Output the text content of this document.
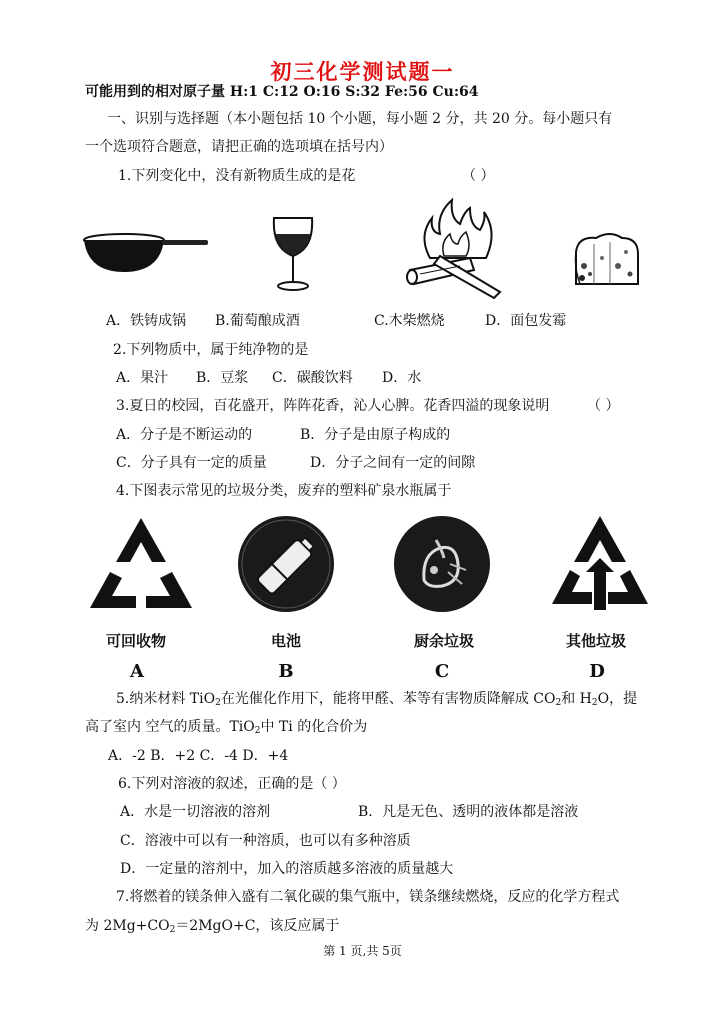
初三化学测试题一
可能用到的相对原子量 H:1 C:12 O:16 S:32 Fe:56 Cu:64
一、识别与选择题（本小题包括 10 个小题，每小题 2 分，共 20 分。每小题只有
一个选项符合题意，请把正确的选项填在括号内）
1.下列变化中，没有新物质生成的是花	（ ）
A．铁铸成锅 B.葡萄酿成酒	C.木柴燃烧	D．面包发霉
2.下列物质中，属于纯净物的是
A．果汁 B．豆浆 C．碳酸饮料 D．水
3.夏日的校园，百花盛开，阵阵花香，沁人心脾。花香四溢的现象说明	（ ）
A．分子是不断运动的	B．分子是由原子构成的
C．分子具有一定的质量	D．分子之间有一定的间隙
4.下图表示常见的垃圾分类，废弃的塑料矿泉水瓶属于
可回收物	电池	厨余垃圾	其他垃圾
A	B	C	D
5.纳米材料 TiO$_2$在光催化作用下，能将甲醛、苯等有害物质降解成 $CO_2$和 $H_2O$，提
高了室内 空气的质量。TiO$_2$中 Ti 的化合价为
A．-2 B．+2 C．-4 D．+4
6.下列对溶液的叙述，正确的是（ ）
A．水是一切溶液的溶剂	B．凡是无色、透明的液体都是溶液
C．溶液中可以有一种溶质，也可以有多种溶质
D．一定量的溶剂中，加入的溶质越多溶液的质量越大
7.将燃着的镁条伸入盛有二氧化碳的集气瓶中，镁条继续燃烧，反应的化学方程式
为 $2Mg+CO_2=2MgO+C$，该反应属于
第 1 页,共 5页
